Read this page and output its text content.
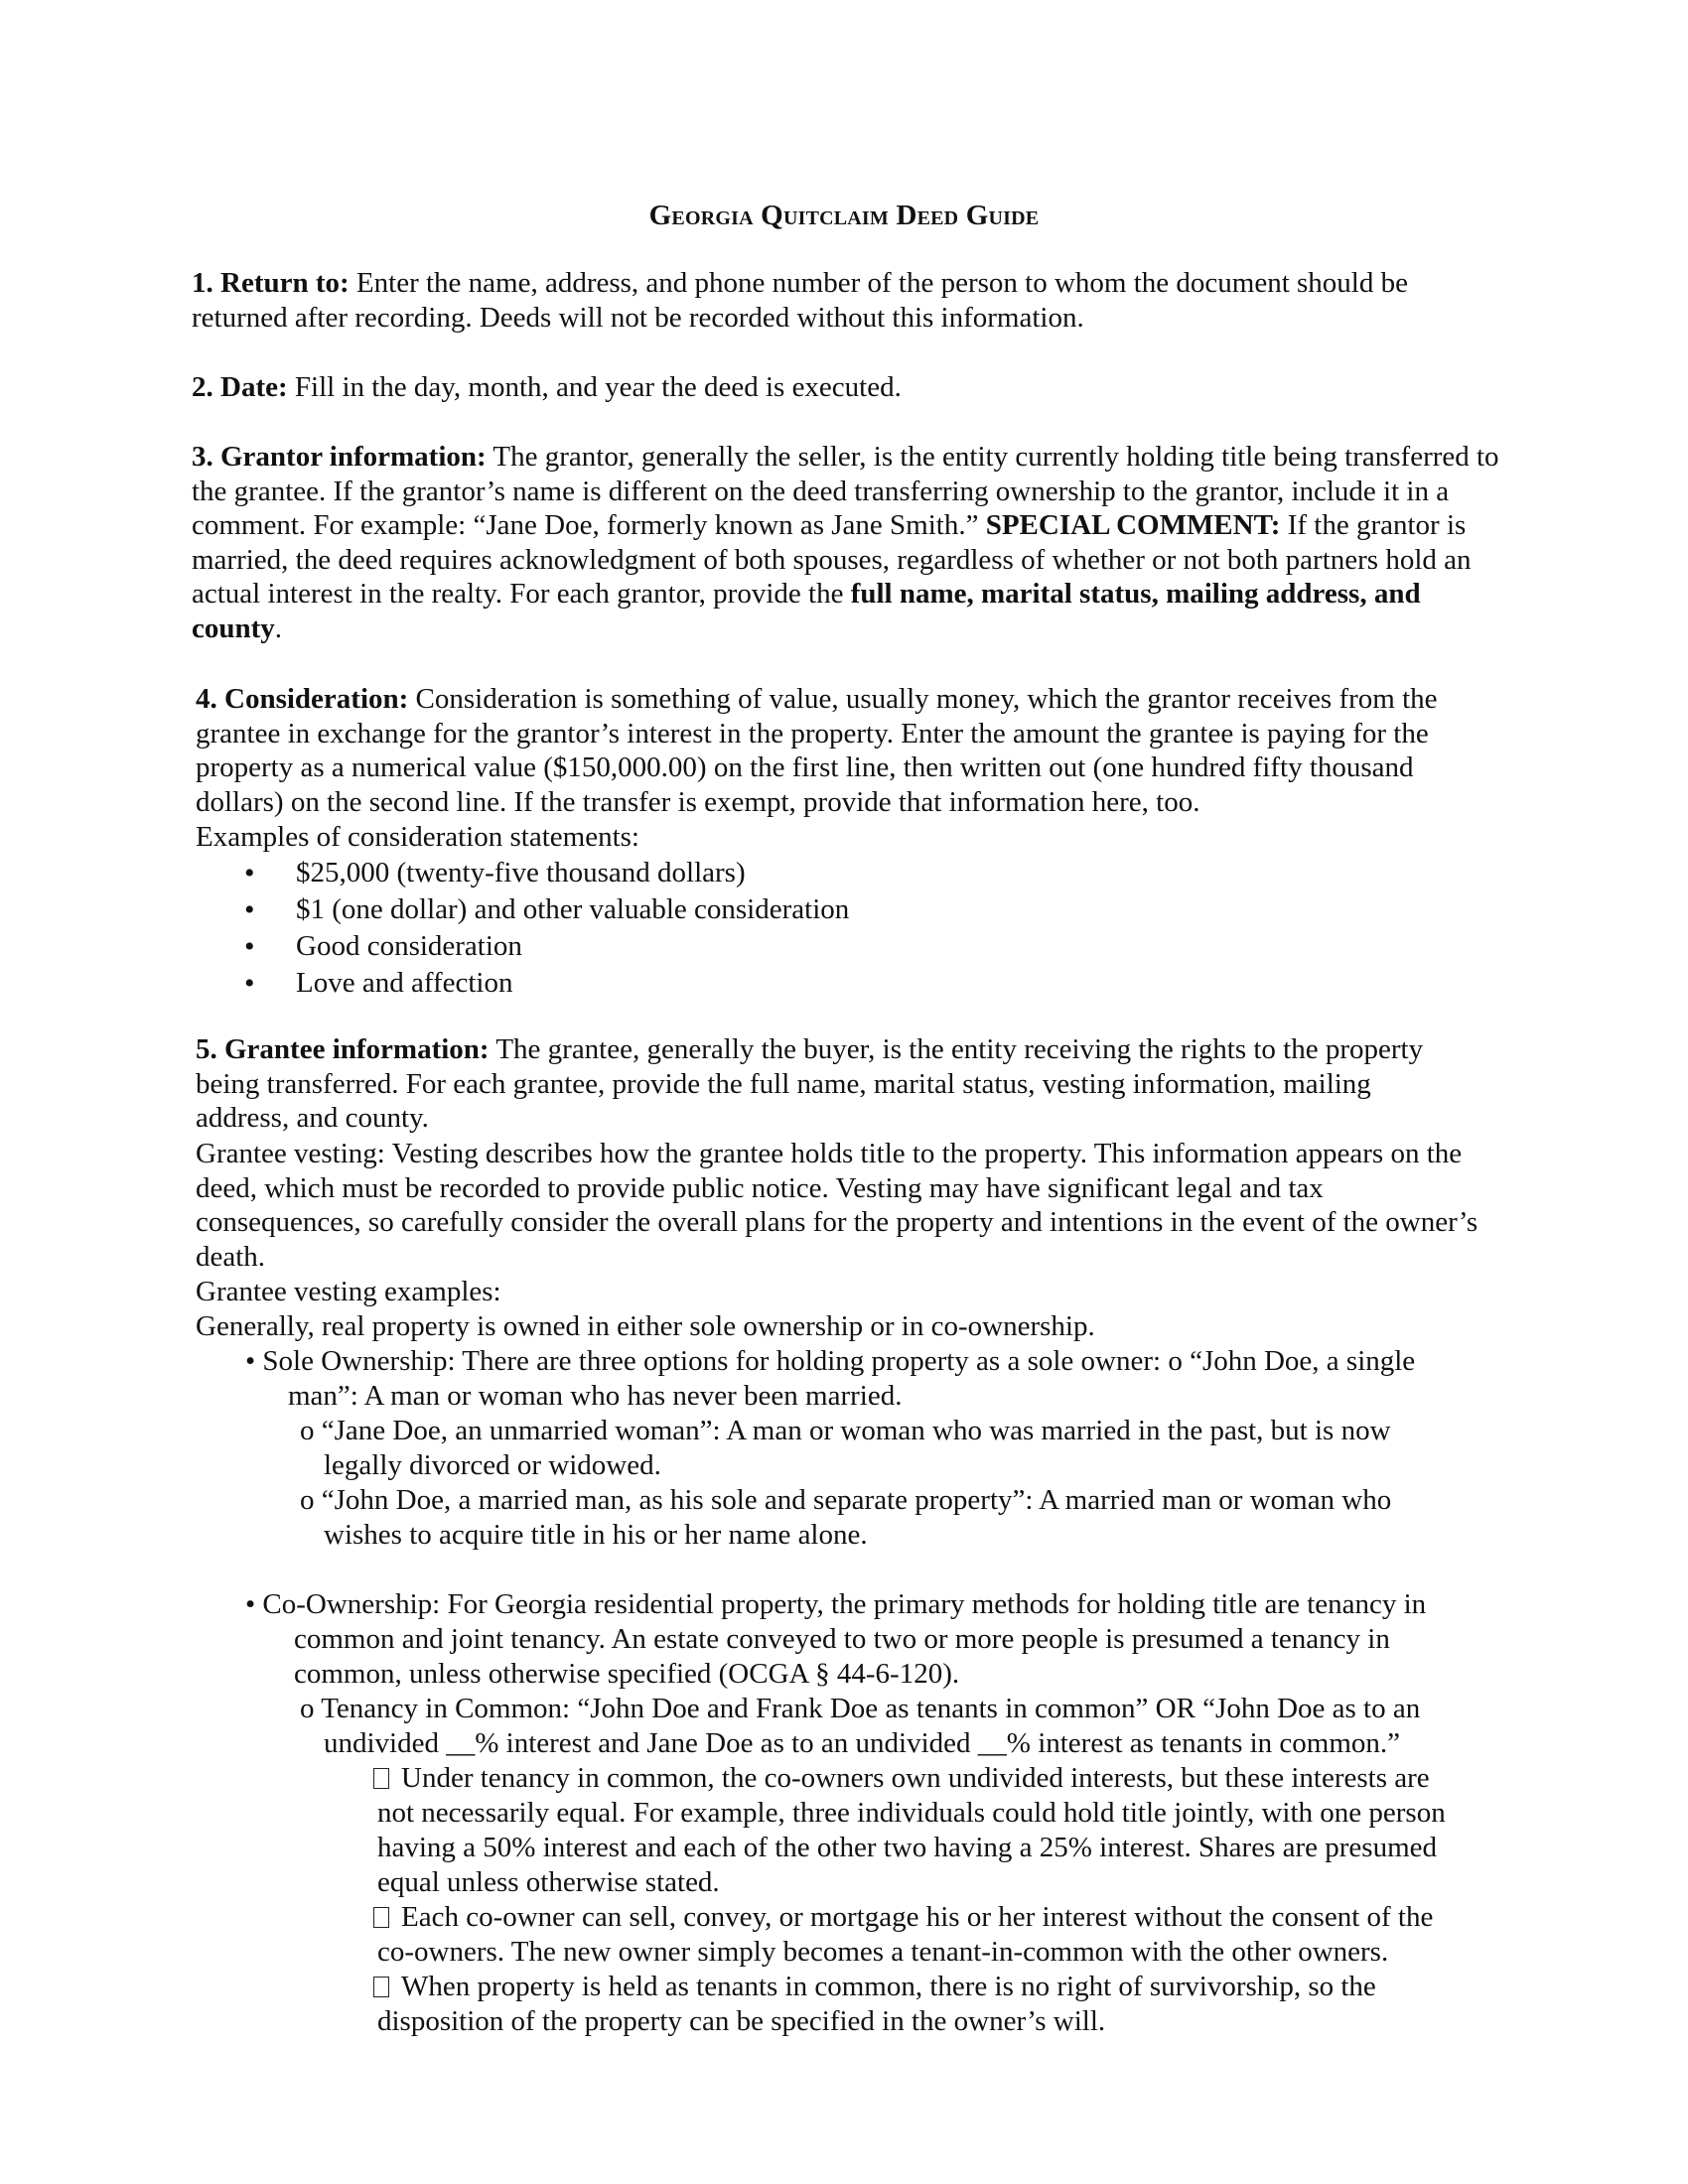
Georgia Quitclaim Deed Guide

1. Return to: Enter the name, address, and phone number of the person to whom the document should be returned after recording. Deeds will not be recorded without this information.

2. Date: Fill in the day, month, and year the deed is executed.

3. Grantor information: The grantor, generally the seller, is the entity currently holding title being transferred to the grantee. If the grantor’s name is different on the deed transferring ownership to the grantor, include it in a comment. For example: “Jane Doe, formerly known as Jane Smith.” SPECIAL COMMENT: If the grantor is married, the deed requires acknowledgment of both spouses, regardless of whether or not both partners hold an actual interest in the realty. For each grantor, provide the full name, marital status, mailing address, and county.

4. Consideration: Consideration is something of value, usually money, which the grantor receives from the grantee in exchange for the grantor’s interest in the property. Enter the amount the grantee is paying for the property as a numerical value ($150,000.00) on the first line, then written out (one hundred fifty thousand dollars) on the second line. If the transfer is exempt, provide that information here, too.

Examples of consideration statements:

• $25,000 (twenty-five thousand dollars)
• $1 (one dollar) and other valuable consideration
• Good consideration
• Love and affection

5. Grantee information: The grantee, generally the buyer, is the entity receiving the rights to the property being transferred. For each grantee, provide the full name, marital status, vesting information, mailing address, and county.

Grantee vesting: Vesting describes how the grantee holds title to the property. This information appears on the deed, which must be recorded to provide public notice. Vesting may have significant legal and tax consequences, so carefully consider the overall plans for the property and intentions in the event of the owner’s death.

Grantee vesting examples:

Generally, real property is owned in either sole ownership or in co-ownership.

• Sole Ownership: There are three options for holding property as a sole owner: o “John Doe, a single

man”: A man or woman who has never been married.

o “Jane Doe, an unmarried woman”: A man or woman who was married in the past, but is now

legally divorced or widowed.

o “John Doe, a married man, as his sole and separate property”: A married man or woman who

wishes to acquire title in his or her name alone.

• Co-Ownership: For Georgia residential property, the primary methods for holding title are tenancy in

common and joint tenancy. An estate conveyed to two or more people is presumed a tenancy in

common, unless otherwise specified (OCGA § 44-6-120).

o Tenancy in Common: “John Doe and Frank Doe as tenants in common” OR “John Doe as to an

undivided __% interest and Jane Doe as to an undivided __% interest as tenants in common.”

Under tenancy in common, the co-owners own undivided interests, but these interests are

not necessarily equal. For example, three individuals could hold title jointly, with one person

having a 50% interest and each of the other two having a 25% interest. Shares are presumed

equal unless otherwise stated.

Each co-owner can sell, convey, or mortgage his or her interest without the consent of the

co-owners. The new owner simply becomes a tenant-in-common with the other owners.

When property is held as tenants in common, there is no right of survivorship, so the

disposition of the property can be specified in the owner’s will.
